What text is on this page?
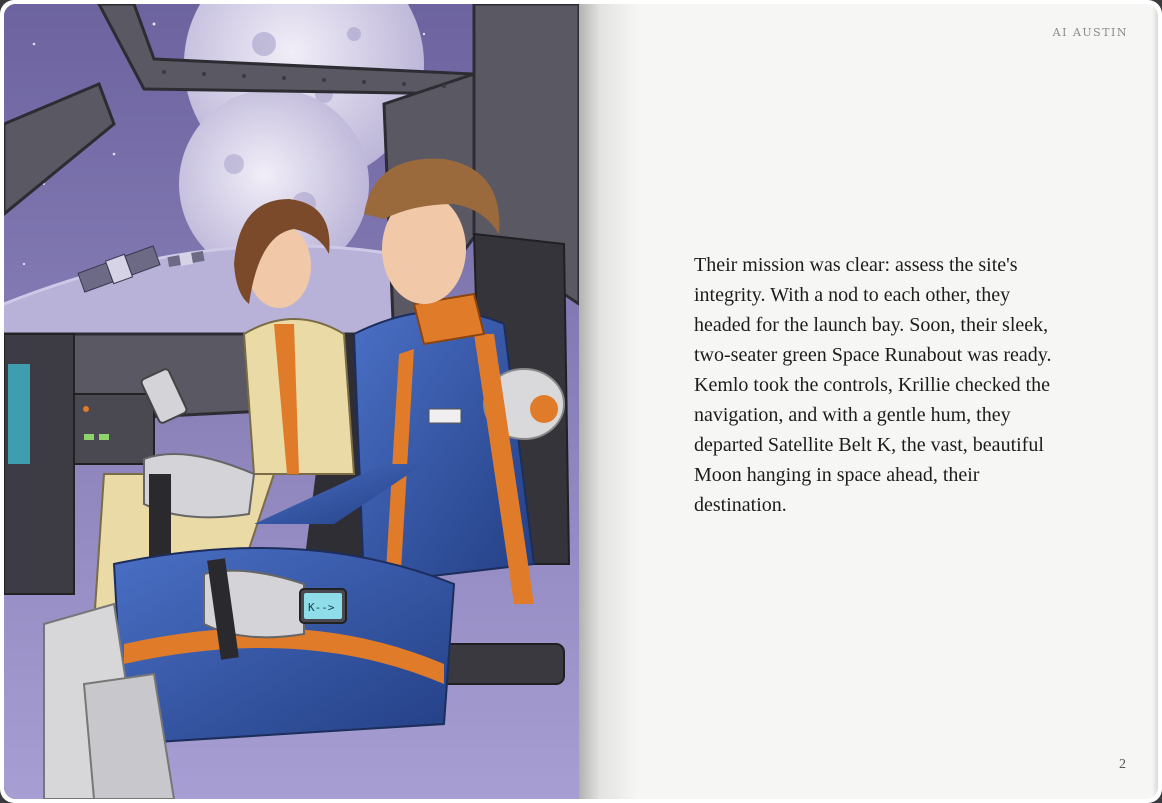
K-->
AI AUSTIN

Their mission was clear: assess the site's integrity. With a nod to each other, they headed for the launch bay. Soon, their sleek, two-seater green Space Runabout was ready. Kemlo took the controls, Krillie checked the navigation, and with a gentle hum, they departed Satellite Belt K, the vast, beautiful Moon hanging in space ahead, their destination.

2
